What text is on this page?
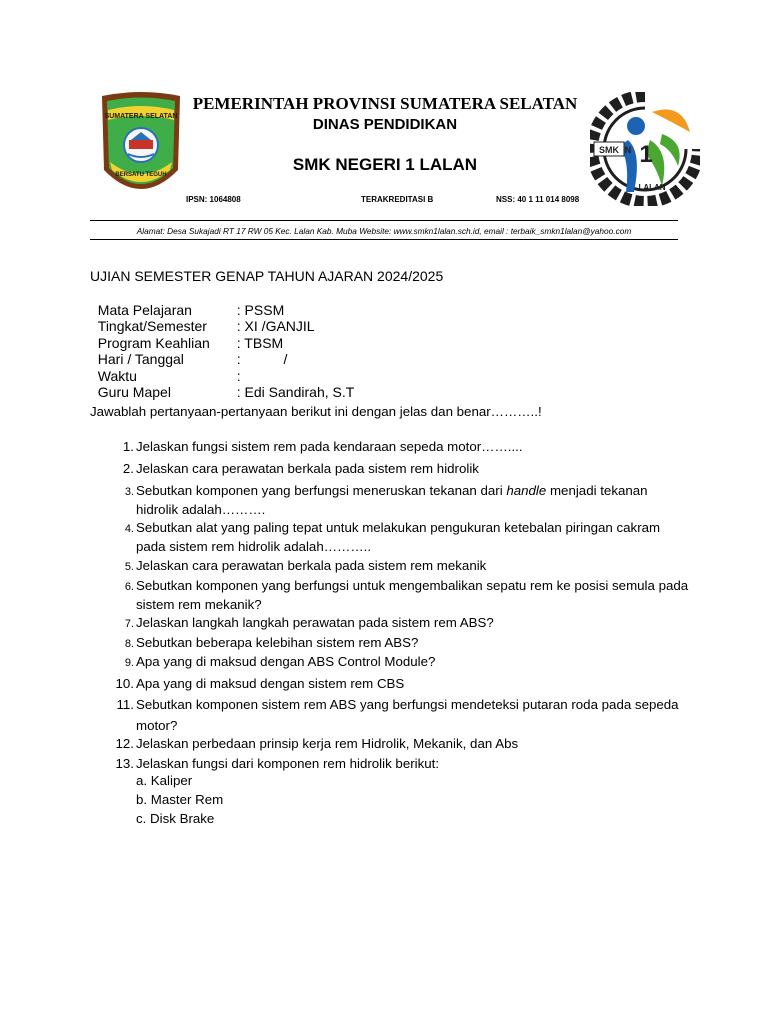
SUMATERA SELATAN
BERSATU TEGUH
SMK N 1
LALAN
PEMERINTAH PROVINSI SUMATERA SELATAN
DINAS PENDIDIKAN
SMK NEGERI 1 LALAN
IPSN: 1064808	TERAKREDITASI B	NSS: 40 1 11 014 8098
Alamat: Desa Sukajadi RT 17 RW 05 Kec. Lalan Kab. Muba Website: www.smkn1lalan.sch.id, email : terbaik_smkn1lalan@yahoo.com
UJIAN SEMESTER GENAP TAHUN AJARAN 2024/2025

Mata Pelajaran	: PSSM

Tingkat/Semester : XI /GANJIL

Program Keahlian : TBSM

Hari / Tanggal	:           /

Waktu	:

Guru Mapel	: Edi Sandirah, S.T

Jawablah pertanyaan-pertanyaan berikut ini dengan jelas dan benar………..!
1. Jelaskan fungsi sistem rem pada kendaraan sepeda motor……....
2. Jelaskan cara perawatan berkala pada sistem rem hidrolik
3. Sebutkan komponen yang berfungsi meneruskan tekanan dari handle menjadi tekanan hidrolik adalah……….
4. Sebutkan alat yang paling tepat untuk melakukan pengukuran ketebalan piringan cakram pada sistem rem hidrolik adalah………..
5. Jelaskan cara perawatan berkala pada sistem rem mekanik
6. Sebutkan komponen yang berfungsi untuk mengembalikan sepatu rem ke posisi semula pada sistem rem mekanik?
7. Jelaskan langkah langkah perawatan pada sistem rem ABS?
8. Sebutkan beberapa kelebihan sistem rem ABS?
9. Apa yang di maksud dengan ABS Control Module?
10. Apa yang di maksud dengan sistem rem CBS
11. Sebutkan komponen sistem rem ABS yang berfungsi mendeteksi putaran roda pada sepeda motor?
12. Jelaskan perbedaan prinsip kerja rem Hidrolik, Mekanik, dan Abs
13. Jelaskan fungsi dari komponen rem hidrolik berikut:
a. Kaliper
b. Master Rem
c. Disk Brake
